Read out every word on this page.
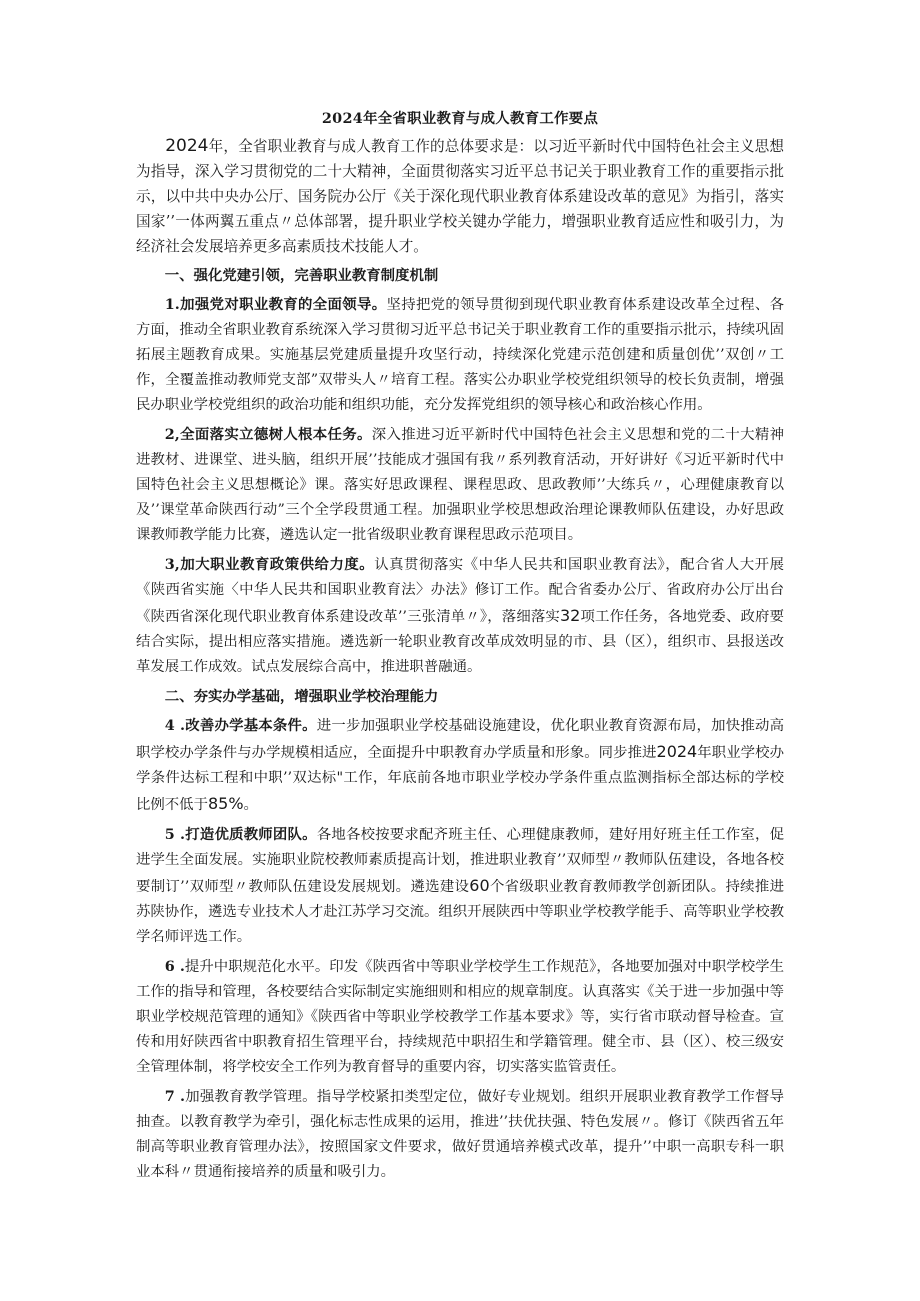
2024年全省职业教育与成人教育工作要点

2024年，全省职业教育与成人教育工作的总体要求是：以习近平新时代中国特色社会主义思想为指导，深入学习贯彻党的二十大精神，全面贯彻落实习近平总书记关于职业教育工作的重要指示批示，以中共中央办公厅、国务院办公厅《关于深化现代职业教育体系建设改革的意见》为指引，落实国家’’一体两翼五重点〃总体部署，提升职业学校关键办学能力，增强职业教育适应性和吸引力，为经济社会发展培养更多高素质技术技能人才。

一、强化党建引领，完善职业教育制度机制

1.加强党对职业教育的全面领导。坚持把党的领导贯彻到现代职业教育体系建设改革全过程、各方面，推动全省职业教育系统深入学习贯彻习近平总书记关于职业教育工作的重要指示批示，持续巩固拓展主题教育成果。实施基层党建质量提升攻坚行动，持续深化党建示范创建和质量创优’’双创〃工作，全覆盖推动教师党支部”双带头人〃培育工程。落实公办职业学校党组织领导的校长负责制，增强民办职业学校党组织的政治功能和组织功能，充分发挥党组织的领导核心和政治核心作用。

2,全面落实立德树人根本任务。深入推进习近平新时代中国特色社会主义思想和党的二十大精神进教材、进课堂、进头脑，组织开展’’技能成才强国有我〃系列教育活动，开好讲好《习近平新时代中国特色社会主义思想概论》课。落实好思政课程、课程思政、思政教师’’大练兵〃，心理健康教育以及’’课堂革命陕西行动”三个全学段贯通工程。加强职业学校思想政治理论课教师队伍建设，办好思政课教师教学能力比赛，遴选认定一批省级职业教育课程思政示范项目。

3,加大职业教育政策供给力度。认真贯彻落实《中华人民共和国职业教育法》，配合省人大开展《陕西省实施〈中华人民共和国职业教育法〉办法》修订工作。配合省委办公厅、省政府办公厅出台《陕西省深化现代职业教育体系建设改革’’三张清单〃》，落细落实32项工作任务，各地党委、政府要结合实际，提出相应落实措施。遴选新一轮职业教育改革成效明显的市、县（区），组织市、县报送改革发展工作成效。试点发展综合高中，推进职普融通。

二、夯实办学基础，增强职业学校治理能力

4 .改善办学基本条件。进一步加强职业学校基础设施建设，优化职业教育资源布局，加快推动高职学校办学条件与办学规模相适应，全面提升中职教育办学质量和形象。同步推进2024年职业学校办学条件达标工程和中职’’双达标"工作，年底前各地市职业学校办学条件重点监测指标全部达标的学校比例不低于85%。

5 .打造优质教师团队。各地各校按要求配齐班主任、心理健康教师，建好用好班主任工作室，促进学生全面发展。实施职业院校教师素质提高计划，推进职业教育’’双师型〃教师队伍建设，各地各校要制订’’双师型〃教师队伍建设发展规划。遴选建设60个省级职业教育教师教学创新团队。持续推进苏陕协作，遴选专业技术人才赴江苏学习交流。组织开展陕西中等职业学校教学能手、高等职业学校教学名师评选工作。

6 .提升中职规范化水平。印发《陕西省中等职业学校学生工作规范》，各地要加强对中职学校学生工作的指导和管理，各校要结合实际制定实施细则和相应的规章制度。认真落实《关于进一步加强中等职业学校规范管理的通知》《陕西省中等职业学校教学工作基本要求》等，实行省市联动督导检查。宣传和用好陕西省中职教育招生管理平台，持续规范中职招生和学籍管理。健全市、县（区）、校三级安全管理体制，将学校安全工作列为教育督导的重要内容，切实落实监管责任。

7 .加强教育教学管理。指导学校紧扣类型定位，做好专业规划。组织开展职业教育教学工作督导抽查。以教育教学为牵引，强化标志性成果的运用，推进’’扶优扶强、特色发展〃。修订《陕西省五年制高等职业教育管理办法》，按照国家文件要求，做好贯通培养模式改革，提升’’中职一高职专科一职业本科〃贯通衔接培养的质量和吸引力。
